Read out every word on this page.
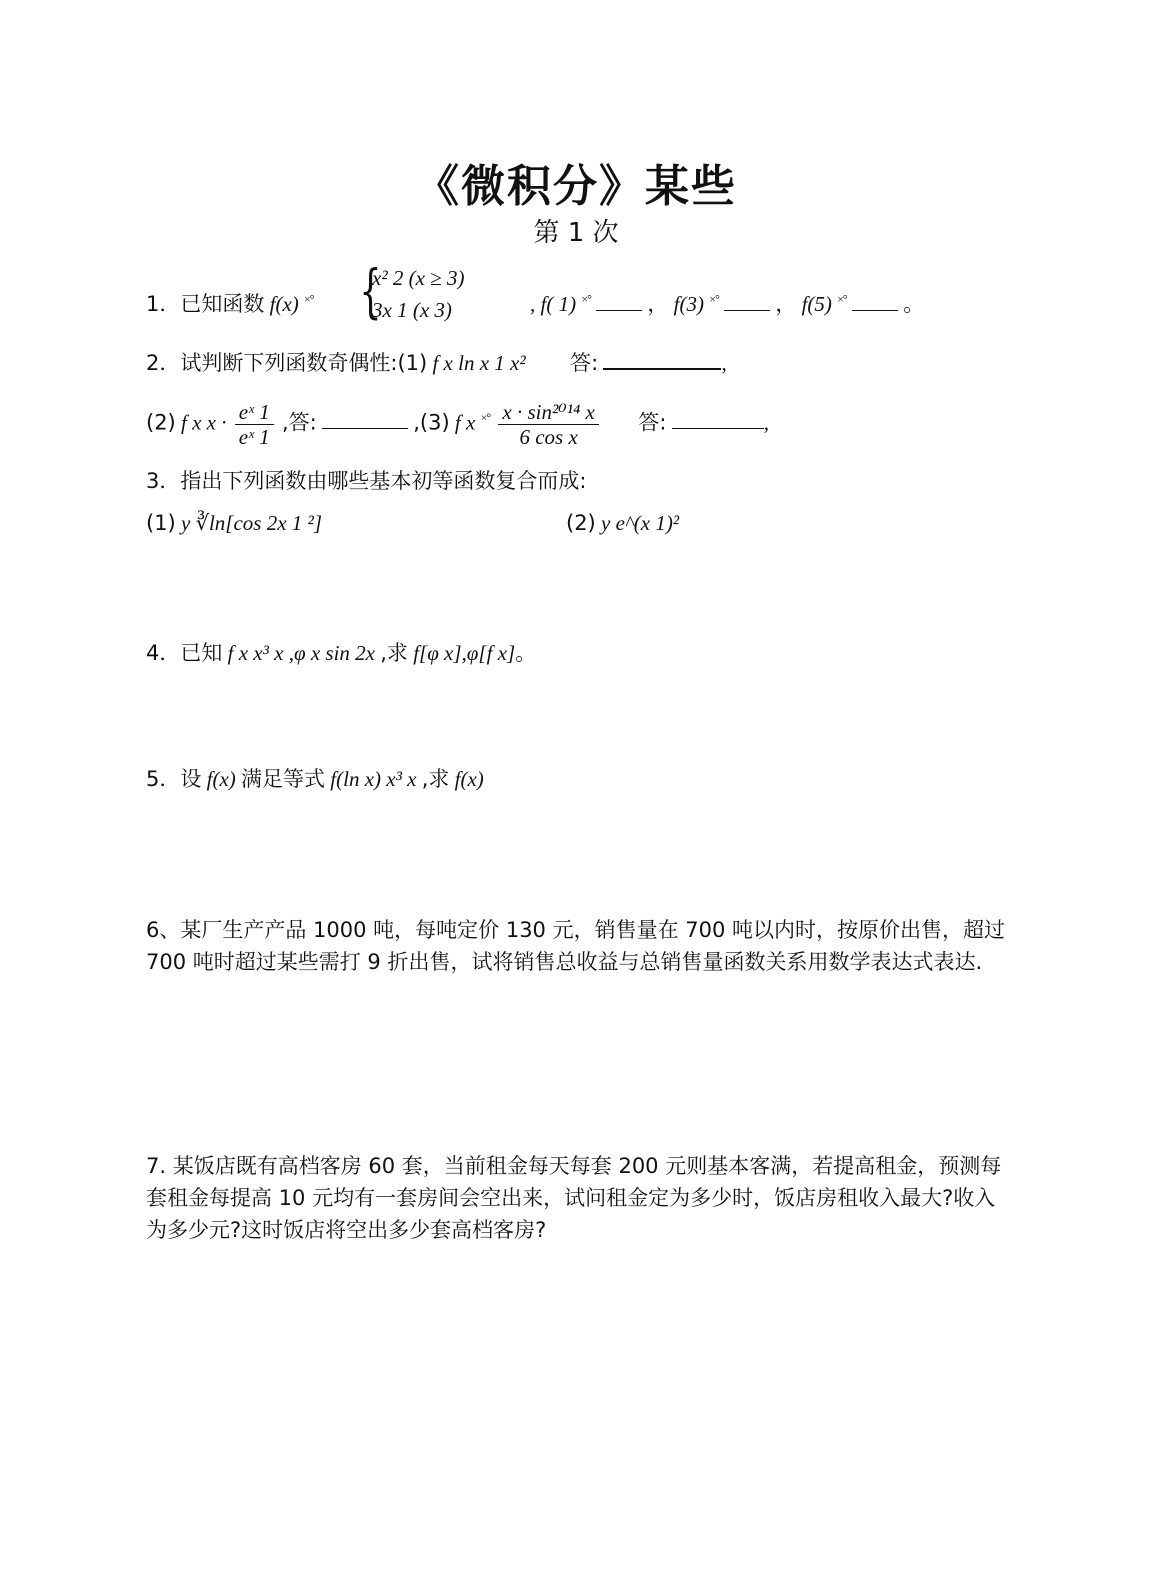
《微积分》某些
第 1 次
1．已知函数 f(x) ×° {
x² 2 (x ≥ 3)
3x 1 (x 3)	, f( 1) ×°	， f(3) ×°	， f(5) ×°	。
2．试判断下列函数奇偶性:(1) f x ln x 1 x² 答:	,
(2) f x $x \cdot \frac{\text{eˣ 1}}{\text{eˣ 1}}$ ,答:	,(3) f x $^{\times^\circ} \frac{\text{x · sin²⁰¹⁴ x}}{\text{6 cos x}}$ 答:	,
3．指出下列函数由哪些基本初等函数复合而成:
(1) y ∛ln[cos 2x 1 ²]	(2) y e^(x 1)²
4．已知 f x x³ x ,φ x sin 2x ,求 f[φ x],φ[f x]。
5．设 f(x) 满足等式 f(ln x) x³ x ,求 f(x)
6、某厂生产产品 1000 吨，每吨定价 130 元，销售量在 700 吨以内时，按原价出售，超过 700 吨时超过某些需打 9 折出售，试将销售总收益与总销售量函数关系用数学表达式表达.
7. 某饭店既有高档客房 60 套，当前租金每天每套 200 元则基本客满，若提高租金，预测每套租金每提高 10 元均有一套房间会空出来，试问租金定为多少时，饭店房租收入最大?收入为多少元?这时饭店将空出多少套高档客房?
